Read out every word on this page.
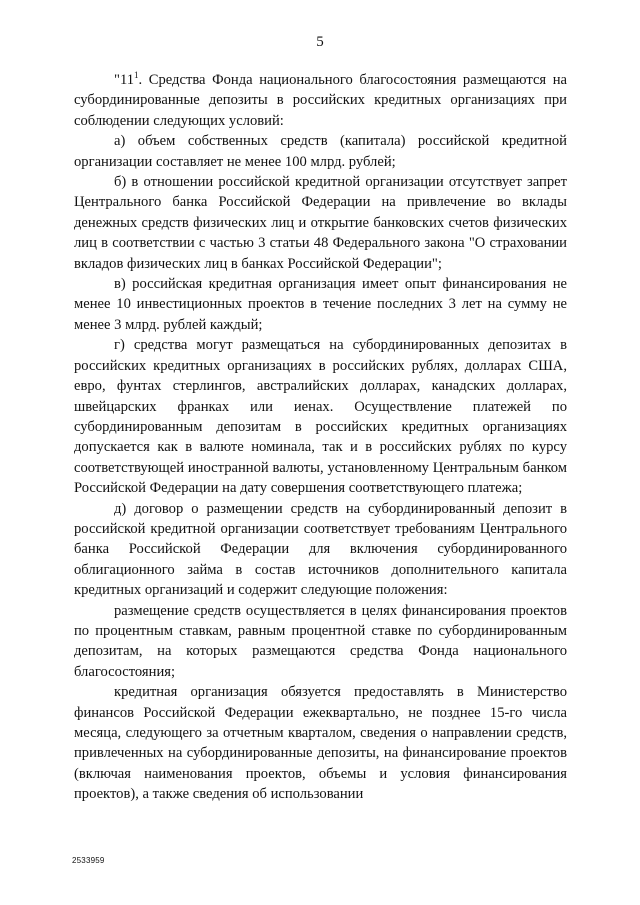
5

"$11^1$. Средства Фонда национального благосостояния размещаются на субординированные депозиты в российских кредитных организациях при соблюдении следующих условий:

а) объем собственных средств (капитала) российской кредитной организации составляет не менее 100 млрд. рублей;

б) в отношении российской кредитной организации отсутствует запрет Центрального банка Российской Федерации на привлечение во вклады денежных средств физических лиц и открытие банковских счетов физических лиц в соответствии с частью 3 статьи 48 Федерального закона "О страховании вкладов физических лиц в банках Российской Федерации";

в) российская кредитная организация имеет опыт финансирования не менее 10 инвестиционных проектов в течение последних 3 лет на сумму не менее 3 млрд. рублей каждый;

г) средства могут размещаться на субординированных депозитах в российских кредитных организациях в российских рублях, долларах США, евро, фунтах стерлингов, австралийских долларах, канадских долларах, швейцарских франках или иенах. Осуществление платежей по субординированным депозитам в российских кредитных организациях допускается как в валюте номинала, так и в российских рублях по курсу соответствующей иностранной валюты, установленному Центральным банком Российской Федерации на дату совершения соответствующего платежа;

д) договор о размещении средств на субординированный депозит в российской кредитной организации соответствует требованиям Центрального банка Российской Федерации для включения субординированного облигационного займа в состав источников дополнительного капитала кредитных организаций и содержит следующие положения:

размещение средств осуществляется в целях финансирования проектов по процентным ставкам, равным процентной ставке по субординированным депозитам, на которых размещаются средства Фонда национального благосостояния;

кредитная организация обязуется предоставлять в Министерство финансов Российской Федерации ежеквартально, не позднее 15-го числа месяца, следующего за отчетным кварталом, сведения о направлении средств, привлеченных на субординированные депозиты, на финансирование проектов (включая наименования проектов, объемы и условия финансирования проектов), а также сведения об использовании

2533959
